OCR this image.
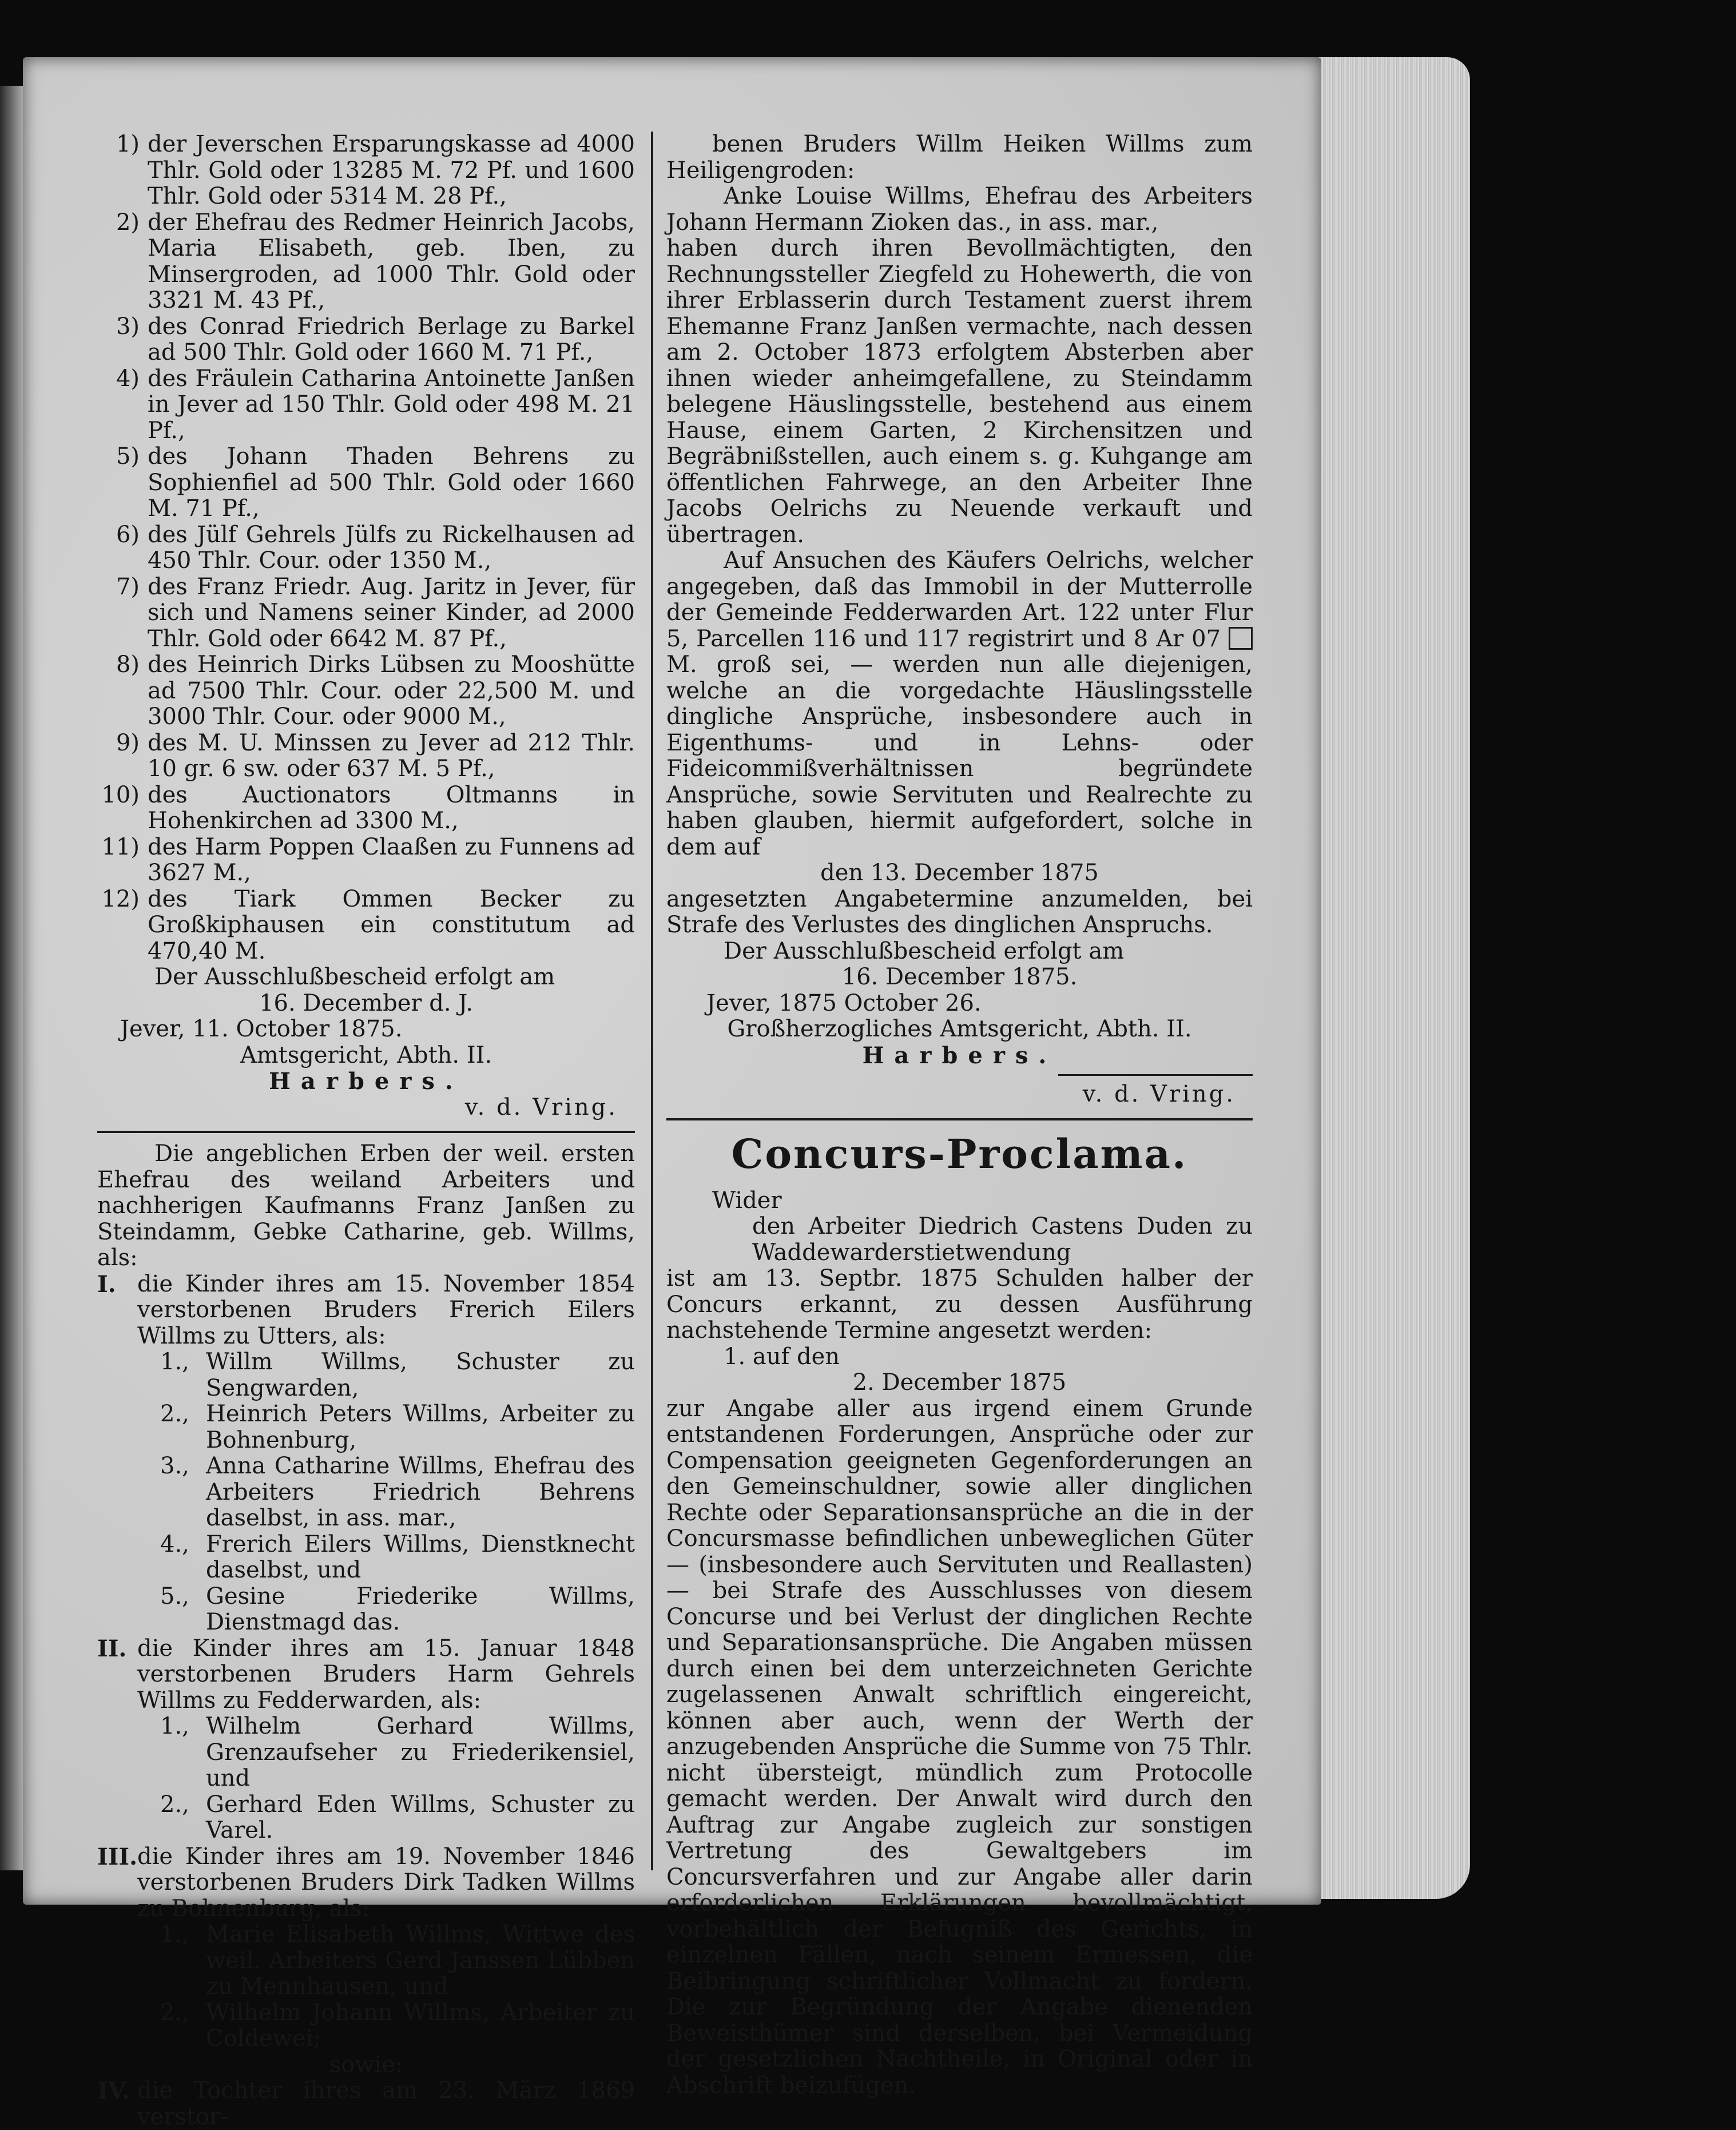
1) der Jeverschen Ersparungskasse ad 4000 Thlr. Gold oder 13285 M. 72 Pf. und 1600 Thlr. Gold oder 5314 M. 28 Pf.,
2) der Ehefrau des Redmer Heinrich Jacobs, Maria Elisabeth, geb. Iben, zu Minsergroden, ad 1000 Thlr. Gold oder 3321 M. 43 Pf.,
3) des Conrad Friedrich Berlage zu Barkel ad 500 Thlr. Gold oder 1660 M. 71 Pf.,
4) des Fräulein Catharina Antoinette Janßen in Jever ad 150 Thlr. Gold oder 498 M. 21 Pf.,
5) des Johann Thaden Behrens zu Sophienfiel ad 500 Thlr. Gold oder 1660 M. 71 Pf.,
6) des Jülf Gehrels Jülfs zu Rickelhausen ad 450 Thlr. Cour. oder 1350 M.,
7) des Franz Friedr. Aug. Jaritz in Jever, für sich und Namens seiner Kinder, ad 2000 Thlr. Gold oder 6642 M. 87 Pf.,
8) des Heinrich Dirks Lübsen zu Mooshütte ad 7500 Thlr. Cour. oder 22,500 M. und 3000 Thlr. Cour. oder 9000 M.,
9) des M. U. Minssen zu Jever ad 212 Thlr. 10 gr. 6 sw. oder 637 M. 5 Pf.,
10) des Auctionators Oltmanns in Hohenkirchen ad 3300 M.,
11) des Harm Poppen Claaßen zu Funnens ad 3627 M.,
12) des Tiark Ommen Becker zu Großkiphausen ein constitutum ad 470,40 M.
Der Ausschlußbescheid erfolgt am
16. December d. J.
Jever, 11. October 1875.
Amtsgericht, Abth. II.
Harbers.
v. d. Vring.
Die angeblichen Erben der weil. ersten Ehefrau des weiland Arbeiters und nachherigen Kaufmanns Franz Janßen zu Steindamm, Gebke Catharine, geb. Willms, als:
I. die Kinder ihres am 15. November 1854 verstorbenen Bruders Frerich Eilers Willms zu Utters, als:
1., Willm Willms, Schuster zu Sengwarden,
2., Heinrich Peters Willms, Arbeiter zu Bohnenburg,
3., Anna Catharine Willms, Ehefrau des Arbeiters Friedrich Behrens daselbst, in ass. mar.,
4., Frerich Eilers Willms, Dienstknecht daselbst, und
5., Gesine Friederike Willms, Dienstmagd das.
II. die Kinder ihres am 15. Januar 1848 verstorbenen Bruders Harm Gehrels Willms zu Fedderwarden, als:
1., Wilhelm Gerhard Willms, Grenzaufseher zu Friederikensiel, und
2., Gerhard Eden Willms, Schuster zu Varel.
III. die Kinder ihres am 19. November 1846 verstorbenen Bruders Dirk Tadken Willms zu Bohnenburg, als:
1., Marie Elisabeth Willms, Wittwe des weil. Arbeiters Gerd Janssen Lübben zu Mennhausen, und
2., Wilhelm Johann Willms, Arbeiter zu Coldewei;
sowie:
IV. die Tochter ihres am 23. März 1869 verstor-
benen Bruders Willm Heiken Willms zum Heiligengroden:
Anke Louise Willms, Ehefrau des Arbeiters Johann Hermann Zioken das., in ass. mar.,
haben durch ihren Bevollmächtigten, den Rechnungssteller Ziegfeld zu Hohewerth, die von ihrer Erblasserin durch Testament zuerst ihrem Ehemanne Franz Janßen vermachte, nach dessen am 2. October 1873 erfolgtem Absterben aber ihnen wieder anheimgefallene, zu Steindamm belegene Häuslingsstelle, bestehend aus einem Hause, einem Garten, 2 Kirchensitzen und Begräbnißstellen, auch einem s. g. Kuhgange am öffentlichen Fahrwege, an den Arbeiter Ihne Jacobs Oelrichs zu Neuende verkauft und übertragen.
Auf Ansuchen des Käufers Oelrichs, welcher angegeben, daß das Immobil in der Mutterrolle der Gemeinde Fedderwarden Art. 122 unter Flur 5, Parcellen 116 und 117 registrirt und 8 Ar 07 M. groß sei, — werden nun alle diejenigen, welche an die vorgedachte Häuslingsstelle dingliche Ansprüche, insbesondere auch in Eigenthums- und in Lehns- oder Fideicommißverhältnissen begründete Ansprüche, sowie Servituten und Realrechte zu haben glauben, hiermit aufgefordert, solche in dem auf
den 13. December 1875
angesetzten Angabetermine anzumelden, bei Strafe des Verlustes des dinglichen Anspruchs.
Der Ausschlußbescheid erfolgt am
16. December 1875.
Jever, 1875 October 26.
Großherzogliches Amtsgericht, Abth. II.
Harbers.
v. d. Vring.
Concurs-Proclama.
Wider
den Arbeiter Diedrich Castens Duden zu Waddewarderstietwendung
ist am 13. Septbr. 1875 Schulden halber der Concurs erkannt, zu dessen Ausführung nachstehende Termine angesetzt werden:
1. auf den
2. December 1875
zur Angabe aller aus irgend einem Grunde entstandenen Forderungen, Ansprüche oder zur Compensation geeigneten Gegenforderungen an den Gemeinschuldner, sowie aller dinglichen Rechte oder Separationsansprüche an die in der Concursmasse befindlichen unbeweglichen Güter — (insbesondere auch Servituten und Reallasten) — bei Strafe des Ausschlusses von diesem Concurse und bei Verlust der dinglichen Rechte und Separationsansprüche. Die Angaben müssen durch einen bei dem unterzeichneten Gerichte zugelassenen Anwalt schriftlich eingereicht, können aber auch, wenn der Werth der anzugebenden Ansprüche die Summe von 75 Thlr. nicht übersteigt, mündlich zum Protocolle gemacht werden. Der Anwalt wird durch den Auftrag zur Angabe zugleich zur sonstigen Vertretung des Gewaltgebers im Concursverfahren und zur Angabe aller darin erforderlichen Erklärungen bevollmächtigt, vorbehältlich der Befugniß des Gerichts, in einzelnen Fällen, nach seinem Ermessen, die Beibringung schriftlicher Vollmacht zu fordern. Die zur Begründung der Angabe dienenden Beweisthümer sind derselben, bei Vermeidung der gesetzlichen Nachtheile, in Original oder in Abschrift beizufügen.
